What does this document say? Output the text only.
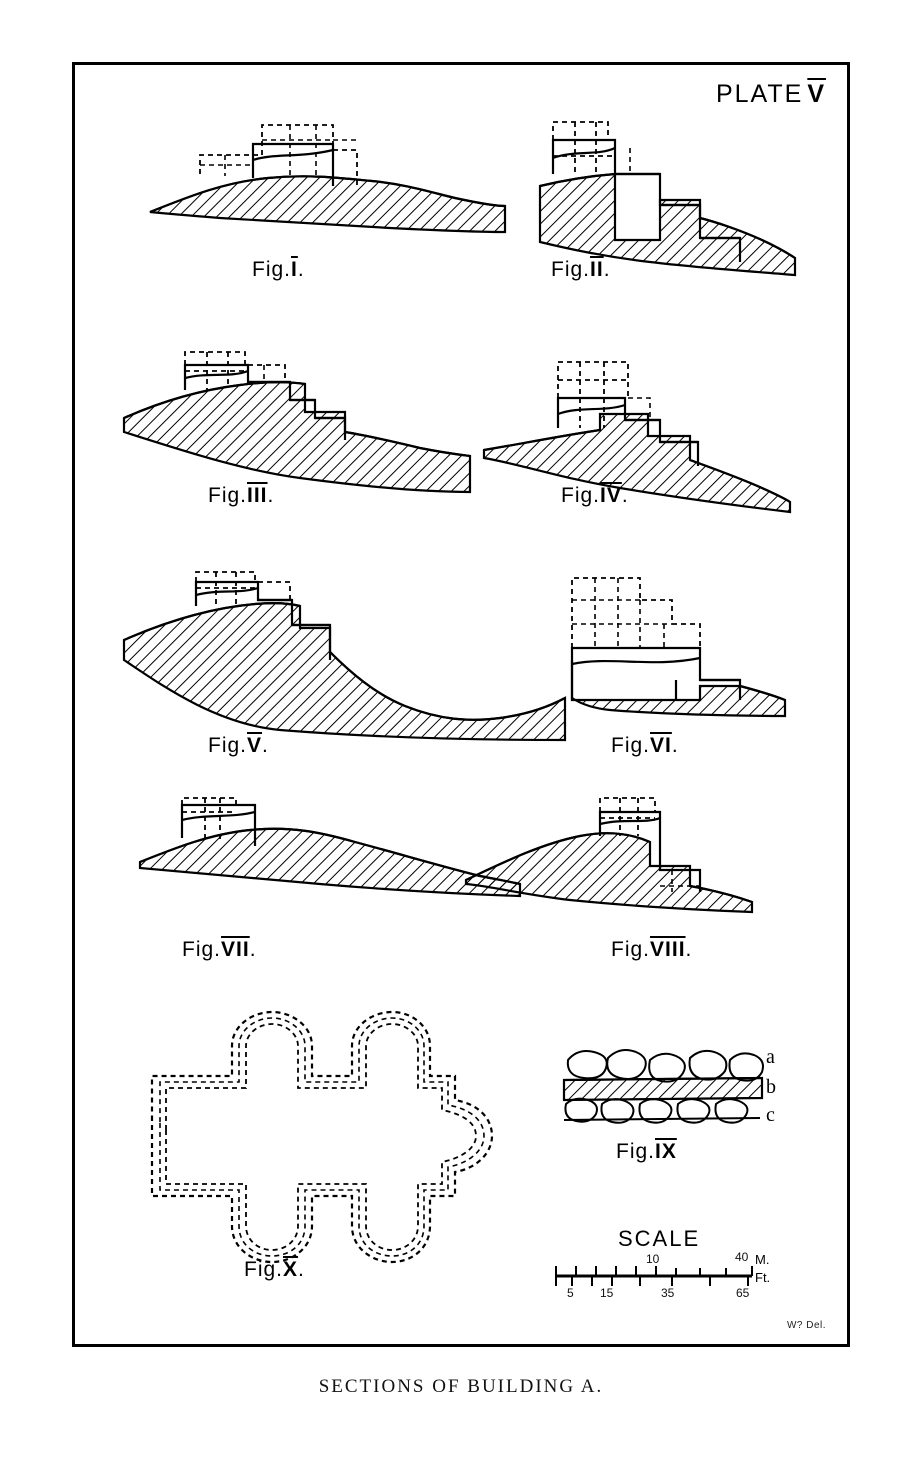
PLATE $\overline{V}$
$Fig.\overline{I}$.	$Fig.\overline{II}$.
$Fig.\overline{III}$.	$Fig.\overline{IV}$.
$Fig.\overline{V}$.	$Fig.\overline{VI}$.
$Fig.\overline{VII}$.	Fig.VIII.
$Fig.\overline{IX}$
$Fig.\overline{X}$.
a
b
c
SCALE
M.
Ft.
10	40
5 15	35	65
W? Del.
SECTIONS OF BUILDING A.
